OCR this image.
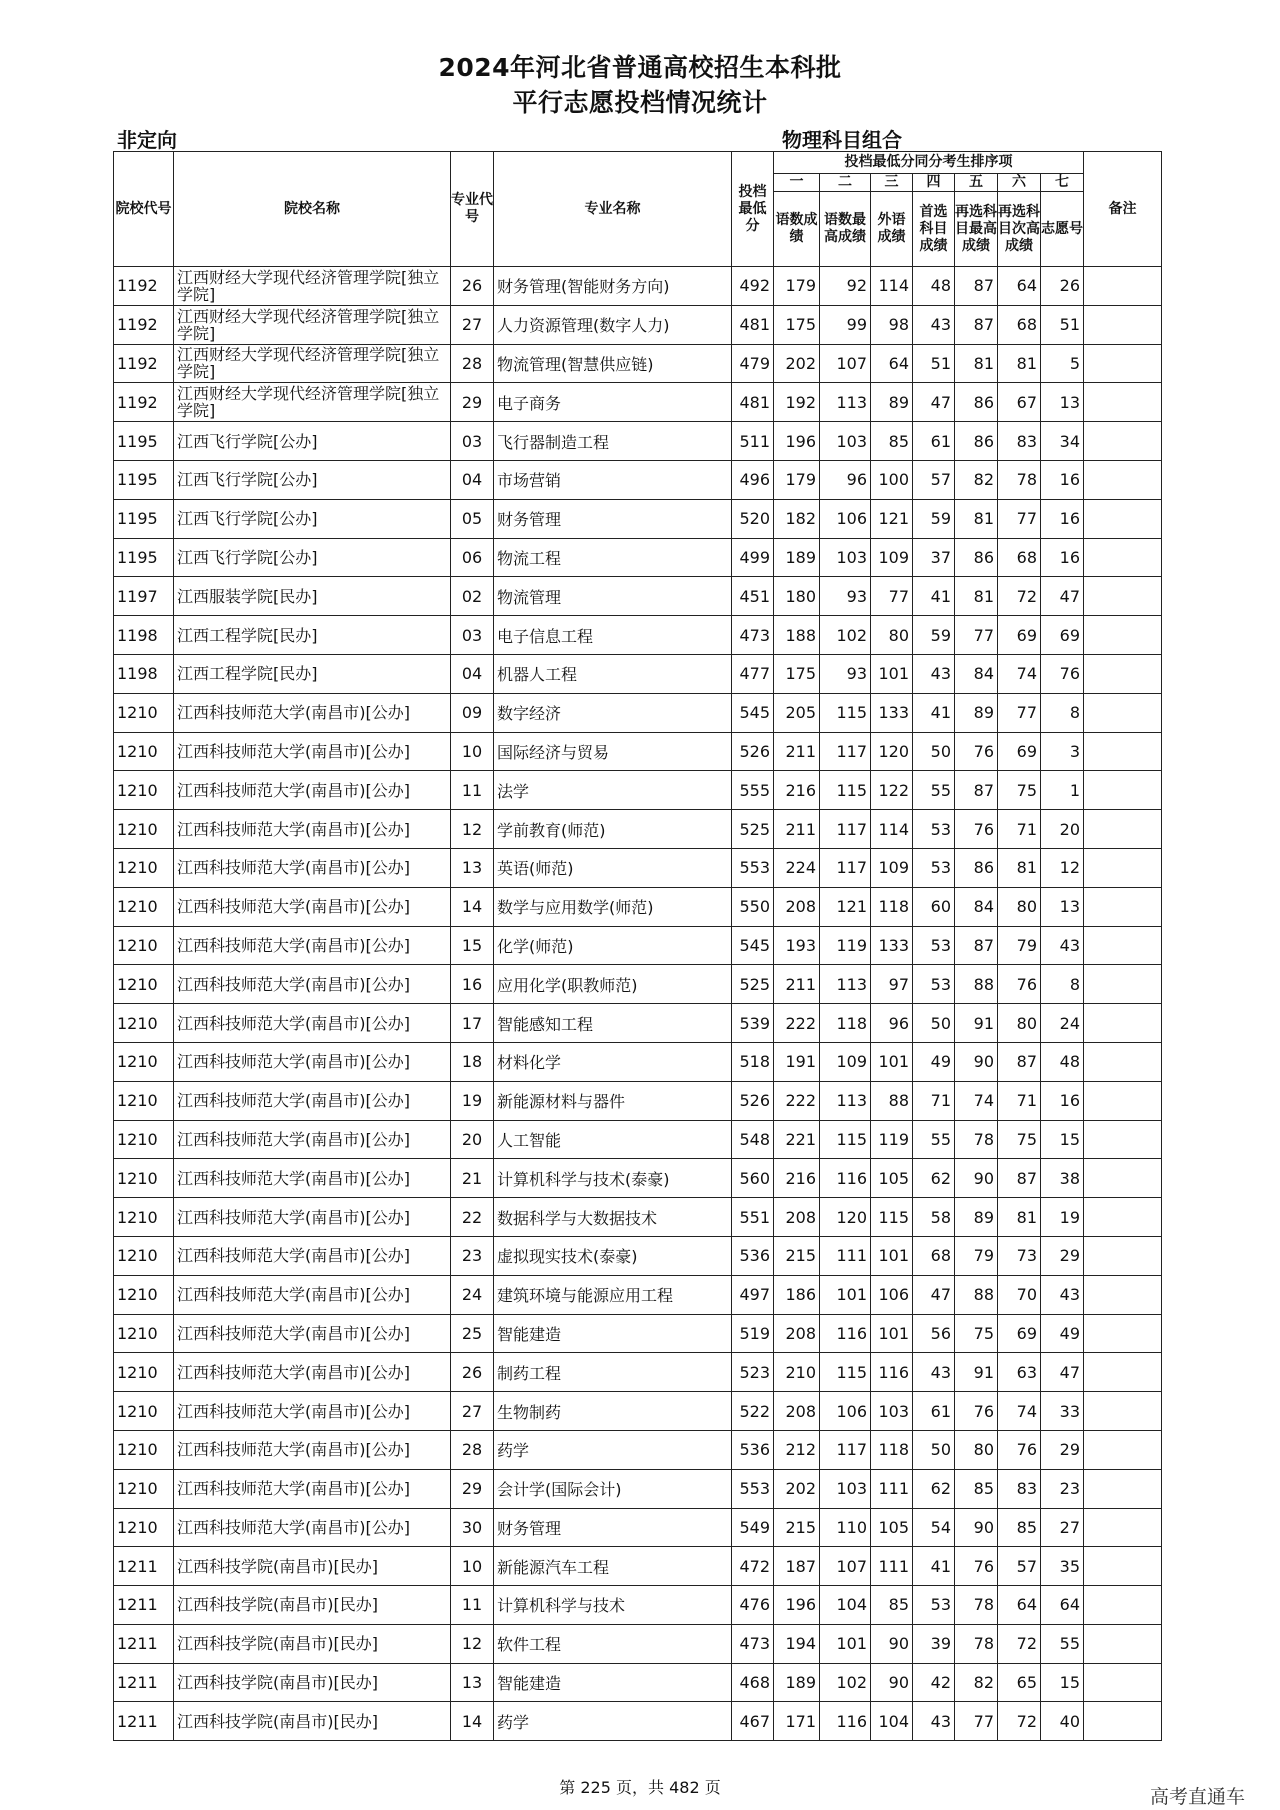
2024年河北省普通高校招生本科批
平行志愿投档情况统计
非定向	物理科目组合
院校代号	院校名称	专业代号	专业名称	投档最低分	投档最低分同分考生排序项							备注
					一	二	三	四	五	六	七	
					语数成绩	语数最高成绩	外语成绩	首选科目成绩	再选科目最高成绩	再选科目次高成绩	志愿号	
1192	江西财经大学现代经济管理学院[独立学院]	26	财务管理(智能财务方向)	492	179	92	114	48	87	64	26	
1192	江西财经大学现代经济管理学院[独立学院]	27	人力资源管理(数字人力)	481	175	99	98	43	87	68	51	
1192	江西财经大学现代经济管理学院[独立学院]	28	物流管理(智慧供应链)	479	202	107	64	51	81	81	5	
1192	江西财经大学现代经济管理学院[独立学院]	29	电子商务	481	192	113	89	47	86	67	13	
1195	江西飞行学院[公办]	03	飞行器制造工程	511	196	103	85	61	86	83	34	
1195	江西飞行学院[公办]	04	市场营销	496	179	96	100	57	82	78	16	
1195	江西飞行学院[公办]	05	财务管理	520	182	106	121	59	81	77	16	
1195	江西飞行学院[公办]	06	物流工程	499	189	103	109	37	86	68	16	
1197	江西服装学院[民办]	02	物流管理	451	180	93	77	41	81	72	47	
1198	江西工程学院[民办]	03	电子信息工程	473	188	102	80	59	77	69	69	
1198	江西工程学院[民办]	04	机器人工程	477	175	93	101	43	84	74	76	
1210	江西科技师范大学(南昌市)[公办]	09	数字经济	545	205	115	133	41	89	77	8	
1210	江西科技师范大学(南昌市)[公办]	10	国际经济与贸易	526	211	117	120	50	76	69	3	
1210	江西科技师范大学(南昌市)[公办]	11	法学	555	216	115	122	55	87	75	1	
1210	江西科技师范大学(南昌市)[公办]	12	学前教育(师范)	525	211	117	114	53	76	71	20	
1210	江西科技师范大学(南昌市)[公办]	13	英语(师范)	553	224	117	109	53	86	81	12	
1210	江西科技师范大学(南昌市)[公办]	14	数学与应用数学(师范)	550	208	121	118	60	84	80	13	
1210	江西科技师范大学(南昌市)[公办]	15	化学(师范)	545	193	119	133	53	87	79	43	
1210	江西科技师范大学(南昌市)[公办]	16	应用化学(职教师范)	525	211	113	97	53	88	76	8	
1210	江西科技师范大学(南昌市)[公办]	17	智能感知工程	539	222	118	96	50	91	80	24	
1210	江西科技师范大学(南昌市)[公办]	18	材料化学	518	191	109	101	49	90	87	48	
1210	江西科技师范大学(南昌市)[公办]	19	新能源材料与器件	526	222	113	88	71	74	71	16	
1210	江西科技师范大学(南昌市)[公办]	20	人工智能	548	221	115	119	55	78	75	15	
1210	江西科技师范大学(南昌市)[公办]	21	计算机科学与技术(泰豪)	560	216	116	105	62	90	87	38	
1210	江西科技师范大学(南昌市)[公办]	22	数据科学与大数据技术	551	208	120	115	58	89	81	19	
1210	江西科技师范大学(南昌市)[公办]	23	虚拟现实技术(泰豪)	536	215	111	101	68	79	73	29	
1210	江西科技师范大学(南昌市)[公办]	24	建筑环境与能源应用工程	497	186	101	106	47	88	70	43	
1210	江西科技师范大学(南昌市)[公办]	25	智能建造	519	208	116	101	56	75	69	49	
1210	江西科技师范大学(南昌市)[公办]	26	制药工程	523	210	115	116	43	91	63	47	
1210	江西科技师范大学(南昌市)[公办]	27	生物制药	522	208	106	103	61	76	74	33	
1210	江西科技师范大学(南昌市)[公办]	28	药学	536	212	117	118	50	80	76	29	
1210	江西科技师范大学(南昌市)[公办]	29	会计学(国际会计)	553	202	103	111	62	85	83	23	
1210	江西科技师范大学(南昌市)[公办]	30	财务管理	549	215	110	105	54	90	85	27	
1211	江西科技学院(南昌市)[民办]	10	新能源汽车工程	472	187	107	111	41	76	57	35	
1211	江西科技学院(南昌市)[民办]	11	计算机科学与技术	476	196	104	85	53	78	64	64	
1211	江西科技学院(南昌市)[民办]	12	软件工程	473	194	101	90	39	78	72	55	
1211	江西科技学院(南昌市)[民办]	13	智能建造	468	189	102	90	42	82	65	15	
1211	江西科技学院(南昌市)[民办]	14	药学	467	171	116	104	43	77	72	40	
第 225 页，共 482 页	高考直通车
